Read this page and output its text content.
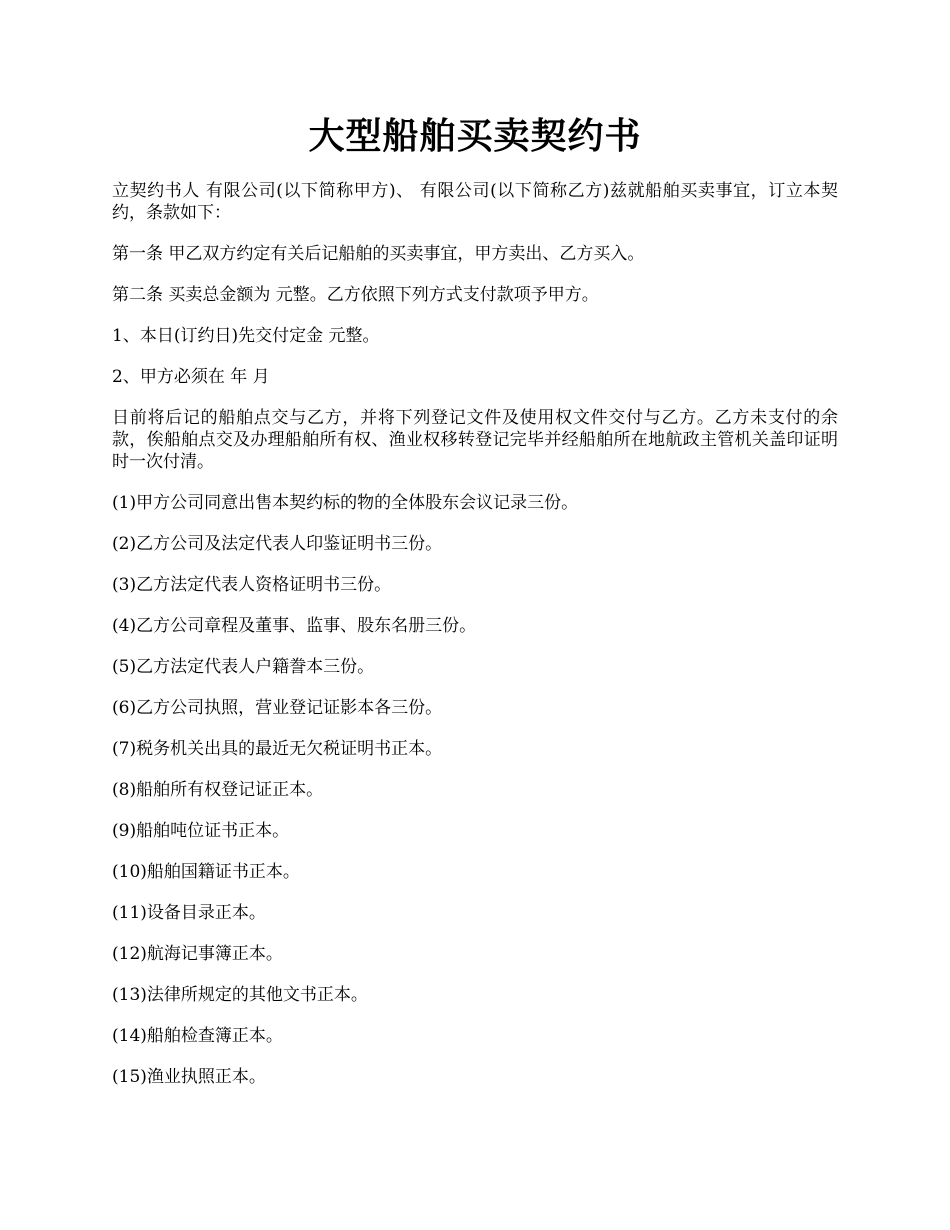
大型船舶买卖契约书

立契约书人 有限公司(以下简称甲方)、 有限公司(以下简称乙方)兹就船舶买卖事宜，订立本契约，条款如下：

第一条 甲乙双方约定有关后记船舶的买卖事宜，甲方卖出、乙方买入。

第二条 买卖总金额为 元整。乙方依照下列方式支付款项予甲方。

1、本日(订约日)先交付定金 元整。

2、甲方必须在 年 月

日前将后记的船舶点交与乙方，并将下列登记文件及使用权文件交付与乙方。乙方未支付的余款，俟船舶点交及办理船舶所有权、渔业权移转登记完毕并经船舶所在地航政主管机关盖印证明时一次付清。

(1)甲方公司同意出售本契约标的物的全体股东会议记录三份。

(2)乙方公司及法定代表人印鉴证明书三份。

(3)乙方法定代表人资格证明书三份。

(4)乙方公司章程及董事、监事、股东名册三份。

(5)乙方法定代表人户籍誊本三份。

(6)乙方公司执照，营业登记证影本各三份。

(7)税务机关出具的最近无欠税证明书正本。

(8)船舶所有权登记证正本。

(9)船舶吨位证书正本。

(10)船舶国籍证书正本。

(11)设备目录正本。

(12)航海记事簿正本。

(13)法律所规定的其他文书正本。

(14)船舶检查簿正本。

(15)渔业执照正本。
